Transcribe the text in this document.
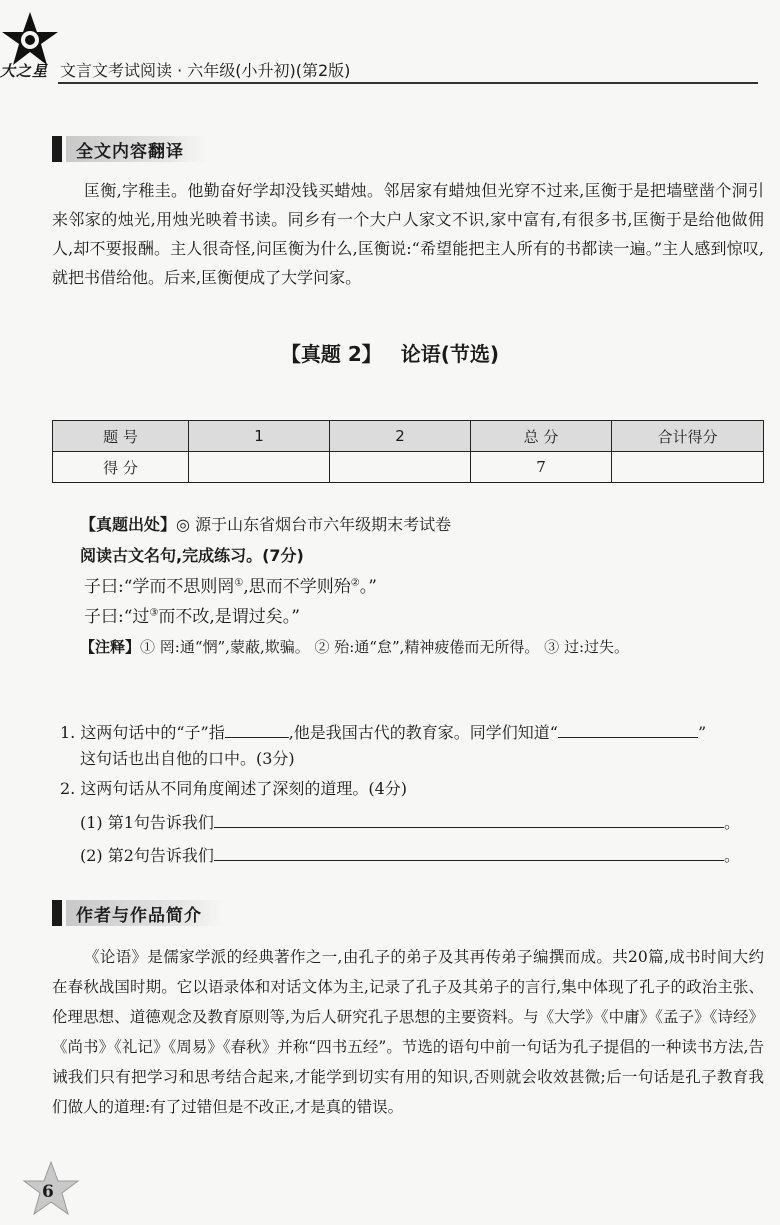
大之星 文言文考试阅读 · 六年级(小升初)(第2版)
全文内容翻译
匡衡,字稚圭。他勤奋好学却没钱买蜡烛。邻居家有蜡烛但光穿不过来,匡衡于是把墙壁凿个洞引来邻家的烛光,用烛光映着书读。同乡有一个大户人家文不识,家中富有,有很多书,匡衡于是给他做佣人,却不要报酬。主人很奇怪,问匡衡为什么,匡衡说:“希望能把主人所有的书都读一遍。”主人感到惊叹,就把书借给他。后来,匡衡便成了大学问家。
【真题 2】 论语(节选)
题 号	1	2	总 分	合计得分
得 分			7	
【真题出处】◎ 源于山东省烟台市六年级期末考试卷
阅读古文名句,完成练习。(7分)
子曰:“学而不思则罔①,思而不学则殆②。”
子曰:“过③而不改,是谓过矣。”
【注释】① 罔:通“惘”,蒙蔽,欺骗。 ② 殆:通“怠”,精神疲倦而无所得。 ③ 过:过失。
1. 这两句话中的“子”指	,他是我国古代的教育家。同学们知道“	”
这句话也出自他的口中。(3分)
2. 这两句话从不同角度阐述了深刻的道理。(4分)
(1) 第1句告诉我们	。
(2) 第2句告诉我们	。
作者与作品简介
《论语》是儒家学派的经典著作之一,由孔子的弟子及其再传弟子编撰而成。共20篇,成书时间大约在春秋战国时期。它以语录体和对话文体为主,记录了孔子及其弟子的言行,集中体现了孔子的政治主张、伦理思想、道德观念及教育原则等,为后人研究孔子思想的主要资料。与《大学》《中庸》《孟子》《诗经》《尚书》《礼记》《周易》《春秋》并称“四书五经”。节选的语句中前一句话为孔子提倡的一种读书方法,告诫我们只有把学习和思考结合起来,才能学到切实有用的知识,否则就会收效甚微;后一句话是孔子教育我们做人的道理:有了过错但是不改正,才是真的错误。
6
